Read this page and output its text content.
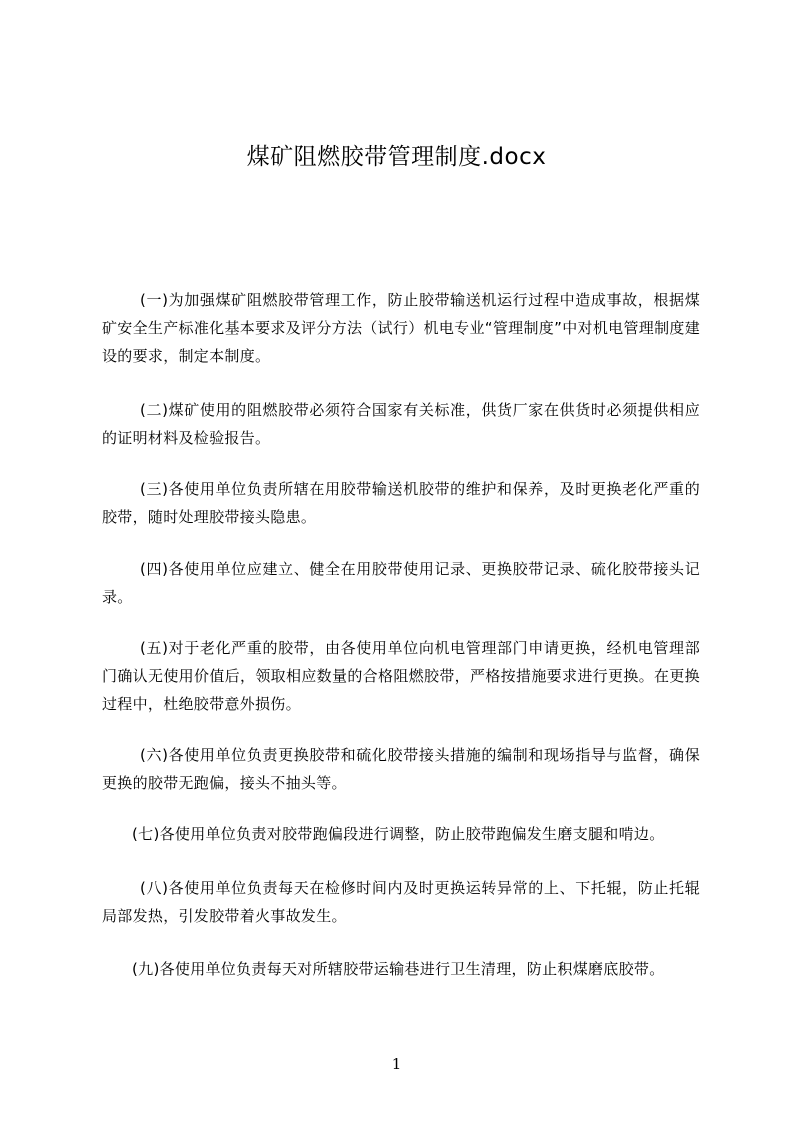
煤矿阻燃胶带管理制度.docx

(一)为加强煤矿阻燃胶带管理工作，防止胶带输送机运行过程中造成事故，根据煤矿安全生产标准化基本要求及评分方法（试行）机电专业“管理制度”中对机电管理制度建设的要求，制定本制度。

(二)煤矿使用的阻燃胶带必须符合国家有关标准，供货厂家在供货时必须提供相应的证明材料及检验报告。

(三)各使用单位负责所辖在用胶带输送机胶带的维护和保养，及时更换老化严重的胶带，随时处理胶带接头隐患。

(四)各使用单位应建立、健全在用胶带使用记录、更换胶带记录、硫化胶带接头记录。

(五)对于老化严重的胶带，由各使用单位向机电管理部门申请更换，经机电管理部门确认无使用价值后，领取相应数量的合格阻燃胶带，严格按措施要求进行更换。在更换过程中，杜绝胶带意外损伤。

(六)各使用单位负责更换胶带和硫化胶带接头措施的编制和现场指导与监督，确保更换的胶带无跑偏，接头不抽头等。

(七)各使用单位负责对胶带跑偏段进行调整，防止胶带跑偏发生磨支腿和啃边。

(八)各使用单位负责每天在检修时间内及时更换运转异常的上、下托辊，防止托辊局部发热，引发胶带着火事故发生。

(九)各使用单位负责每天对所辖胶带运输巷进行卫生清理，防止积煤磨底胶带。

1
